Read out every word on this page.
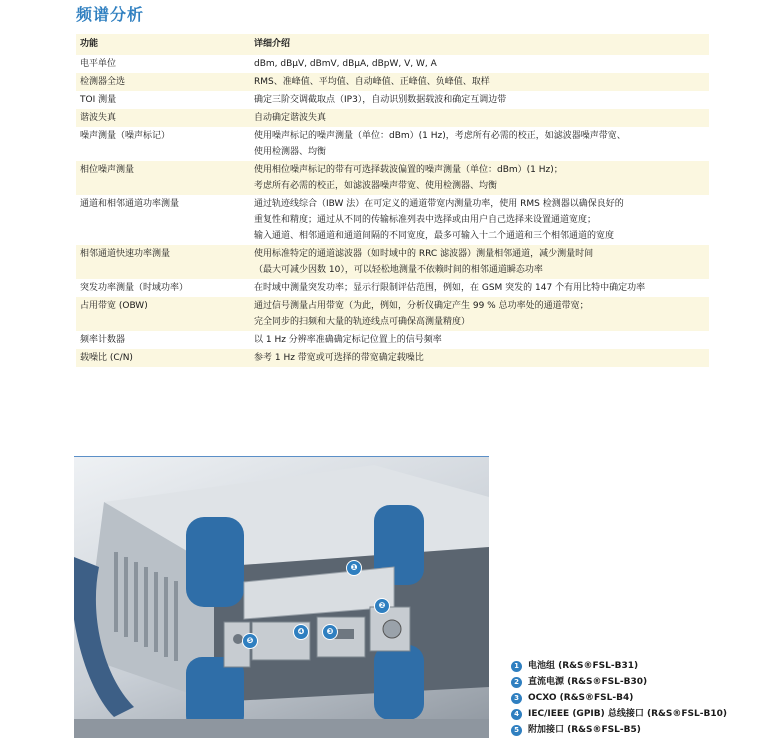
频谱分析
功能	详细介绍
电平单位	dBm, dBµV, dBmV, dBµA, dBpW, V, W, A

检测器全选	RMS、准峰值、平均值、自动峰值、正峰值、负峰值、取样

TOI 测量	确定三阶交调截取点（IP3），自动识别数据载波和确定互调边带

谐波失真	自动确定谐波失真

噪声测量（噪声标记）	使用噪声标记的噪声测量（单位：dBm）(1 Hz)，考虑所有必需的校正，如滤波器噪声带宽、
使用检测器、均衡

相位噪声测量	使用相位噪声标记的带有可选择载波偏置的噪声测量（单位：dBm）(1 Hz)；
考虑所有必需的校正，如滤波器噪声带宽、使用检测器、均衡

通道和相邻通道功率测量	通过轨迹线综合（IBW 法）在可定义的通道带宽内测量功率，使用 RMS 检测器以确保良好的
重复性和精度；通过从不同的传输标准列表中选择或由用户自己选择来设置通道宽度；
输入通道、相邻通道和通道间隔的不同宽度，最多可输入十二个通道和三个相邻通道的宽度

相邻通道快速功率测量	使用标准特定的通道滤波器（如时域中的 RRC 滤波器）测量相邻通道，减少测量时间
（最大可减少因数 10），可以轻松地测量不依赖时间的相邻通道瞬态功率

突发功率测量（时域功率）	在时域中测量突发功率；显示行限制评估范围，例如，在 GSM 突发的 147 个有用比特中确定功率

占用带宽 (OBW)	通过信号测量占用带宽（为此，例如，分析仪确定产生 99 % 总功率处的通道带宽；
完全同步的扫频和大量的轨迹线点可确保高测量精度）

频率计数器	以 1 Hz 分辨率准确确定标记位置上的信号频率

载噪比 (C/N)	参考 1 Hz 带宽或可选择的带宽确定载噪比
❶
❷
❸
❹
❺
1	电池组 (R&S®FSL-B31)
2	直流电源 (R&S®FSL-B30)
3	OCXO (R&S®FSL-B4)
4	IEC/IEEE (GPIB) 总线接口 (R&S®FSL-B10)
5	附加接口 (R&S®FSL-B5)
